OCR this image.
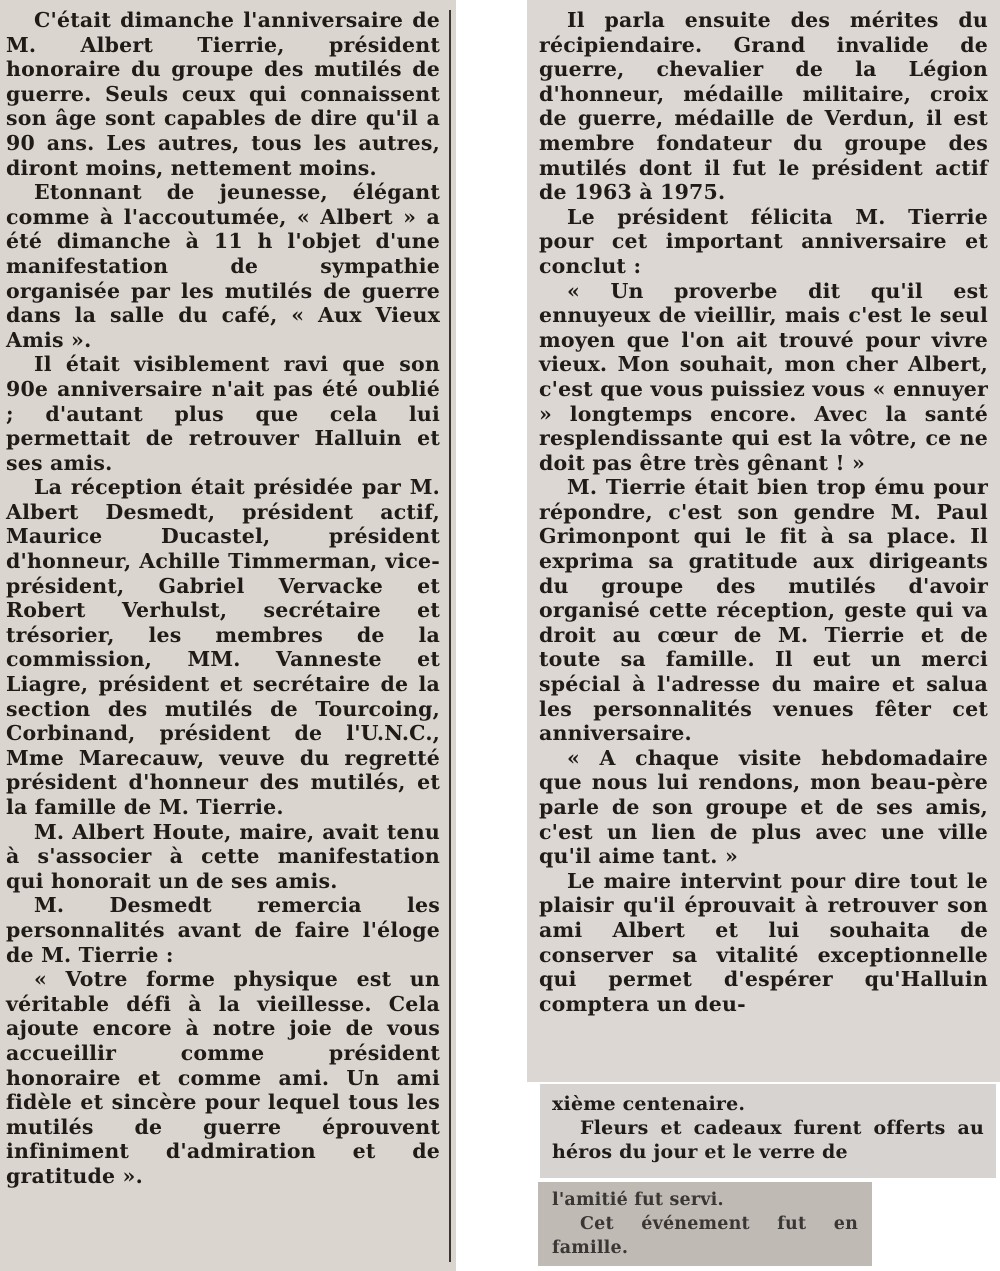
C'était dimanche l'anniversaire de M. Albert Tierrie, président honoraire du groupe des mutilés de guerre. Seuls ceux qui connaissent son âge sont capables de dire qu'il a 90 ans. Les autres, tous les autres, diront moins, nettement moins.

Etonnant de jeunesse, élégant comme à l'accoutumée, « Albert » a été dimanche à 11 h l'objet d'une manifestation de sympathie organisée par les mutilés de guerre dans la salle du café, « Aux Vieux Amis ».

Il était visiblement ravi que son 90e anniversaire n'ait pas été oublié ; d'autant plus que cela lui permettait de retrouver Halluin et ses amis.

La réception était présidée par M. Albert Desmedt, président actif, Maurice Ducastel, président d'honneur, Achille Timmerman, vice-président, Gabriel Vervacke et Robert Verhulst, secrétaire et trésorier, les membres de la commission, MM. Vanneste et Liagre, président et secrétaire de la section des mutilés de Tourcoing, Corbinand, président de l'U.N.C., Mme Marecauw, veuve du regretté président d'honneur des mutilés, et la famille de M. Tierrie.

M. Albert Houte, maire, avait tenu à s'associer à cette manifestation qui honorait un de ses amis.

M. Desmedt remercia les personnalités avant de faire l'éloge de M. Tierrie :

« Votre forme physique est un véritable défi à la vieillesse. Cela ajoute encore à notre joie de vous accueillir comme président honoraire et comme ami. Un ami fidèle et sincère pour lequel tous les mutilés de guerre éprouvent infiniment d'admiration et de gratitude ».

Il parla ensuite des mérites du récipiendaire. Grand invalide de guerre, chevalier de la Légion d'honneur, médaille militaire, croix de guerre, médaille de Verdun, il est membre fondateur du groupe des mutilés dont il fut le président actif de 1963 à 1975.

Le président félicita M. Tierrie pour cet important anniversaire et conclut :

« Un proverbe dit qu'il est ennuyeux de vieillir, mais c'est le seul moyen que l'on ait trouvé pour vivre vieux. Mon souhait, mon cher Albert, c'est que vous puissiez vous « ennuyer » longtemps encore. Avec la santé resplendissante qui est la vôtre, ce ne doit pas être très gênant ! »

M. Tierrie était bien trop ému pour répondre, c'est son gendre M. Paul Grimonpont qui le fit à sa place. Il exprima sa gratitude aux dirigeants du groupe des mutilés d'avoir organisé cette réception, geste qui va droit au cœur de M. Tierrie et de toute sa famille. Il eut un merci spécial à l'adresse du maire et salua les personnalités venues fêter cet anniversaire.

« A chaque visite hebdomadaire que nous lui rendons, mon beau-père parle de son groupe et de ses amis, c'est un lien de plus avec une ville qu'il aime tant. »

Le maire intervint pour dire tout le plaisir qu'il éprouvait à retrouver son ami Albert et lui souhaita de conserver sa vitalité exceptionnelle qui permet d'espérer qu'Halluin comptera un deu-

xième centenaire.

Fleurs et cadeaux furent offerts au héros du jour et le verre de

l'amitié fut servi.

Cet événement fut en famille.
